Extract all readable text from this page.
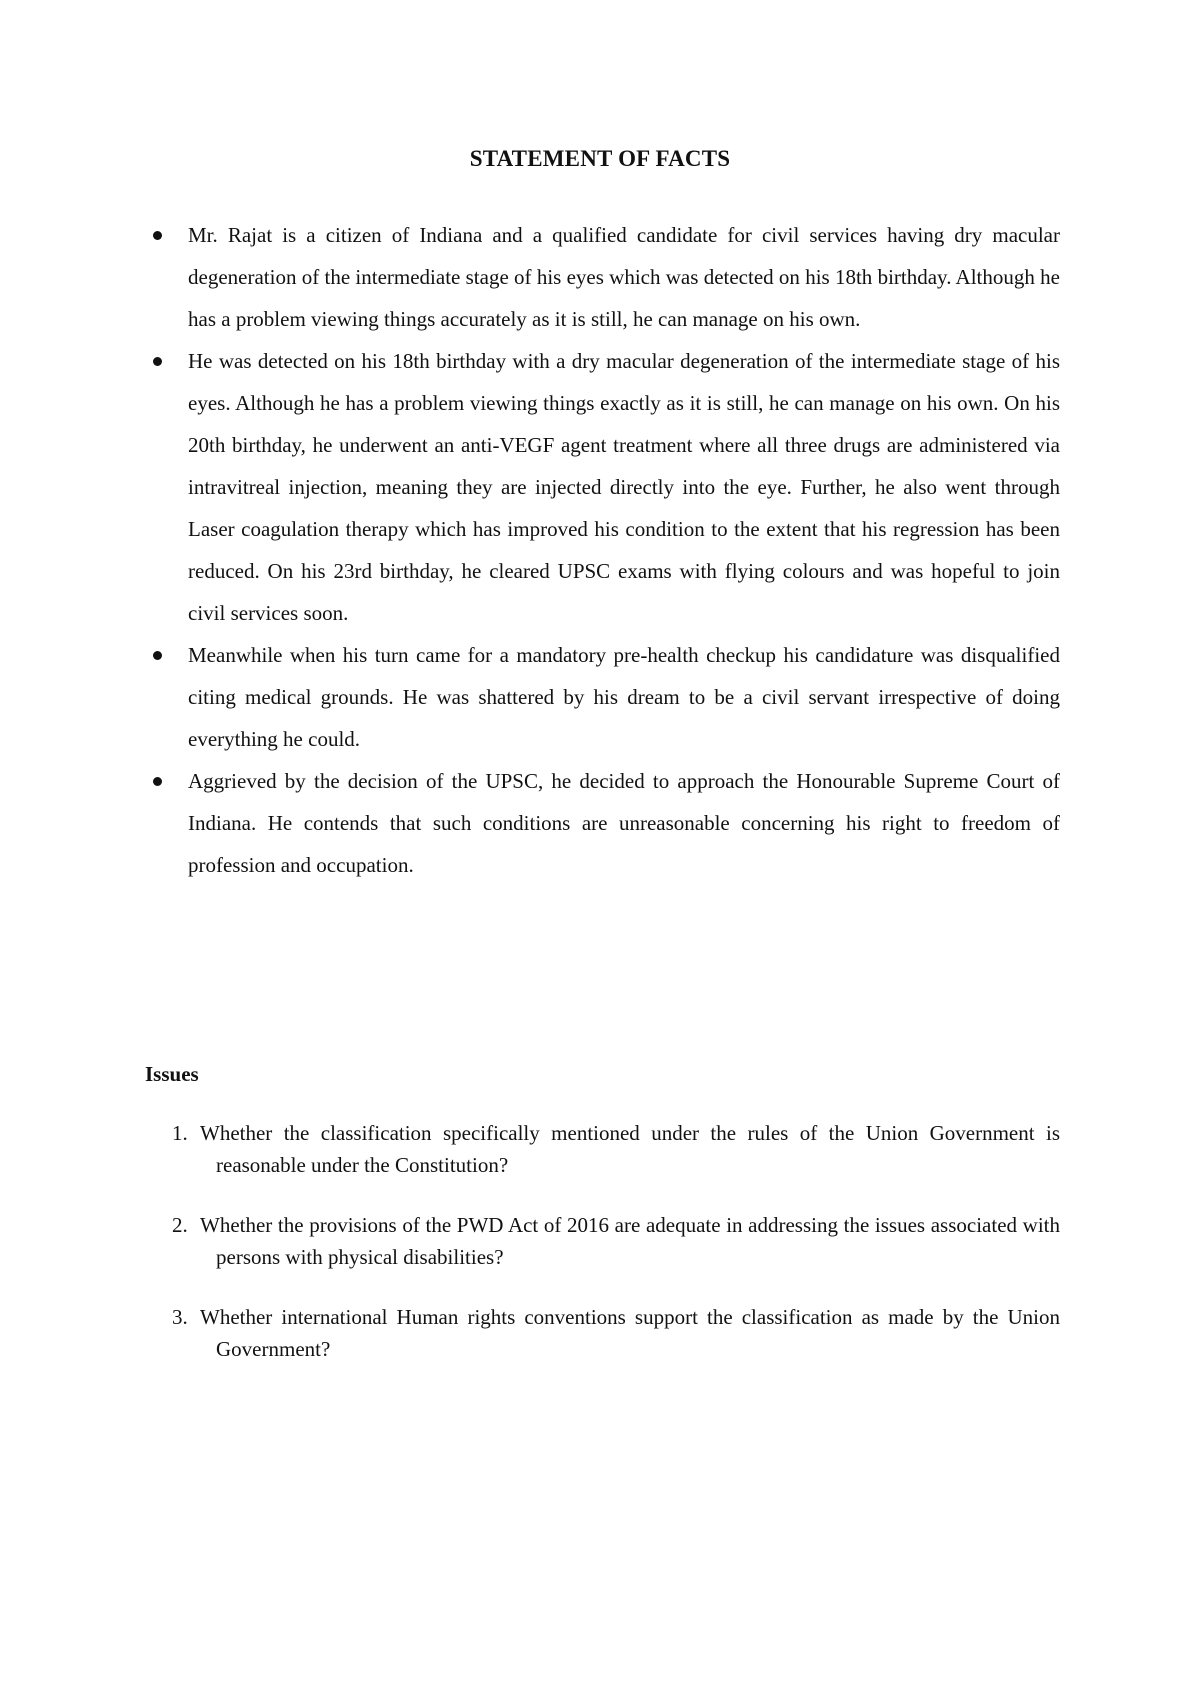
STATEMENT OF FACTS
Mr. Rajat is a citizen of Indiana and a qualified candidate for civil services having dry macular degeneration of the intermediate stage of his eyes which was detected on his 18th birthday. Although he has a problem viewing things accurately as it is still, he can manage on his own.
He was detected on his 18th birthday with a dry macular degeneration of the intermediate stage of his eyes. Although he has a problem viewing things exactly as it is still, he can manage on his own. On his 20th birthday, he underwent an anti-VEGF agent treatment where all three drugs are administered via intravitreal injection, meaning they are injected directly into the eye. Further, he also went through Laser coagulation therapy which has improved his condition to the extent that his regression has been reduced. On his 23rd birthday, he cleared UPSC exams with flying colours and was hopeful to join civil services soon.
Meanwhile when his turn came for a mandatory pre-health checkup his candidature was disqualified citing medical grounds. He was shattered by his dream to be a civil servant irrespective of doing everything he could.
Aggrieved by the decision of the UPSC, he decided to approach the Honourable Supreme Court of Indiana. He contends that such conditions are unreasonable concerning his right to freedom of profession and occupation.
Issues
1. Whether the classification specifically mentioned under the rules of the Union Government is reasonable under the Constitution?
2. Whether the provisions of the PWD Act of 2016 are adequate in addressing the issues associated with persons with physical disabilities?
3. Whether international Human rights conventions support the classification as made by the Union Government?
